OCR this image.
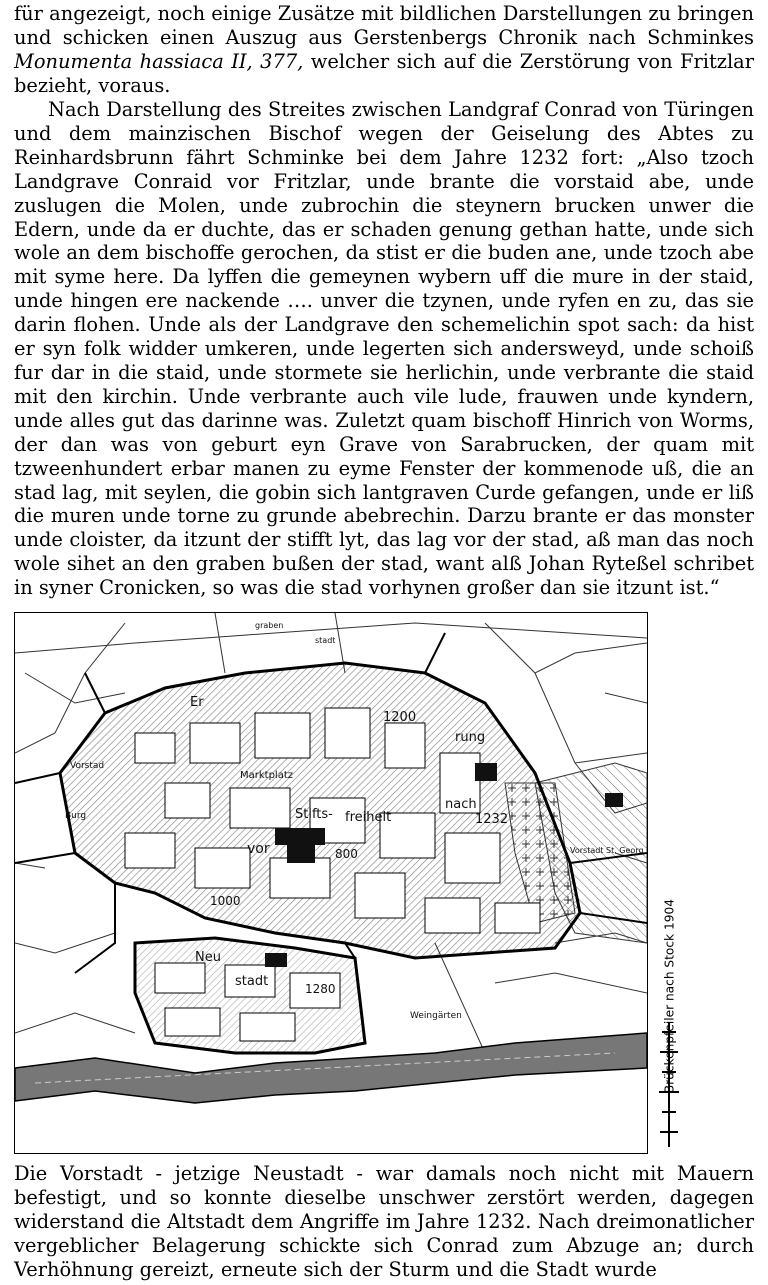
für angezeigt, noch einige Zusätze mit bildlichen Darstellungen zu bringen und schicken einen Auszug aus Gerstenbergs Chronik nach Schminkes Monumenta hassiaca II, 377, welcher sich auf die Zerstörung von Fritzlar bezieht, voraus.

Nach Darstellung des Streites zwischen Landgraf Conrad von Türingen und dem mainzischen Bischof wegen der Geiselung des Abtes zu Reinhardsbrunn fährt Schminke bei dem Jahre 1232 fort: „Also tzoch Landgrave Conraid vor Fritzlar, unde brante die vorstaid abe, unde zuslugen die Molen, unde zubrochin die steynern brucken unwer die Edern, unde da er duchte, das er schaden genung gethan hatte, unde sich wole an dem bischoffe gerochen, da stist er die buden ane, unde tzoch abe mit syme here. Da lyffen die gemeynen wybern uff die mure in der staid, unde hingen ere nackende …. unver die tzynen, unde ryfen en zu, das sie darin flohen. Unde als der Landgrave den schemelichin spot sach: da hist er syn folk widder umkeren, unde legerten sich andersweyd, unde schoiß fur dar in die staid, unde stormete sie herlichin, unde verbrante die staid mit den kirchin. Unde verbrante auch vile lude, frauwen unde kyndern, unde alles gut das darinne was. Zuletzt quam bischoff Hinrich von Worms, der dan was von geburt eyn Grave von Sarabrucken, der quam mit tzweenhundert erbar manen zu eyme Fenster der kommenode uß, die an stad lag, mit seylen, die gobin sich lantgraven Curde gefangen, unde er liß die muren unde torne zu grunde abebrechin. Darzu brante er das monster unde cloister, da itzunt der stifft lyt, das lag vor der stad, aß man das noch wole sihet an den graben bußen der stad, want alß Johan Ryteßel schribet in syner Cronicken, so was die stad vorhynen großer dan sie itzunt ist.“

Marktplatz
Stifts- freiheit
1200
1232
nach
800
vor
1000
Neu
stadt	1280
Er
rung
Weingärten
Vorstadt St. Georg
Burg
Vorstad
stadt
graben
Brückenpfeiler nach Stock 1904

Die Vorstadt - jetzige Neustadt - war damals noch nicht mit Mauern befestigt, und so konnte dieselbe unschwer zerstört werden, dagegen widerstand die Altstadt dem Angriffe im Jahre 1232. Nach dreimonatlicher vergeblicher Belagerung schickte sich Conrad zum Abzuge an; durch Verhöhnung gereizt, erneute sich der Sturm und die Stadt wurde
